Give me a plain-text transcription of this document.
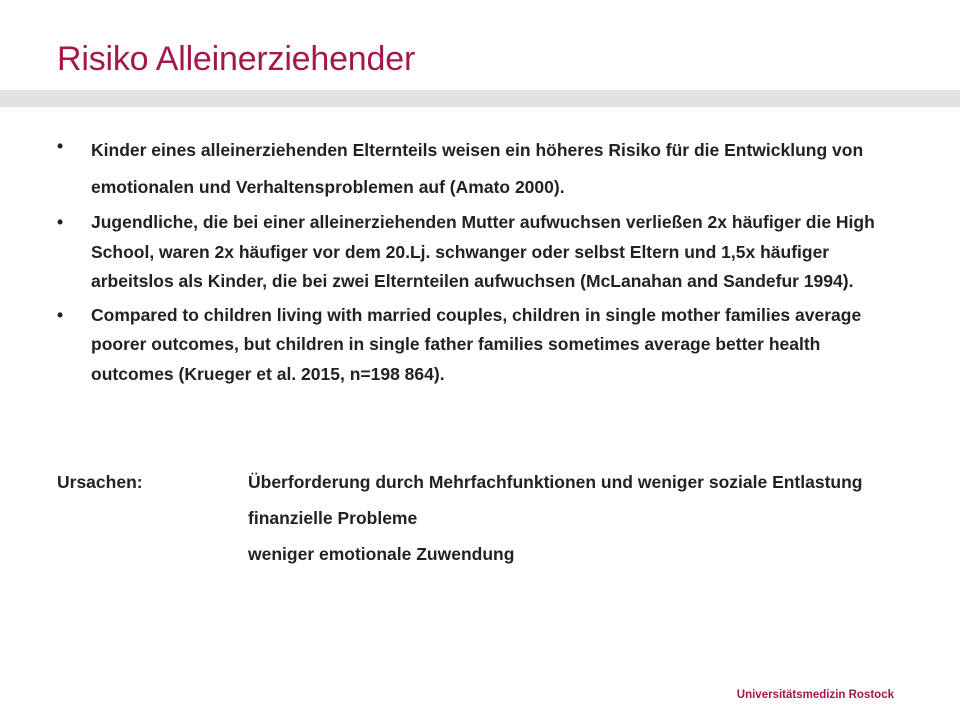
Risiko Alleinerziehender
• Kinder eines alleinerziehenden Elternteils weisen ein höheres Risiko für die Entwicklung von emotionalen und Verhaltensproblemen auf (Amato 2000).
• Jugendliche, die bei einer alleinerziehenden Mutter aufwuchsen verließen 2x häufiger die High School, waren 2x häufiger vor dem 20.Lj. schwanger oder selbst Eltern und 1,5x häufiger arbeitslos als Kinder, die bei zwei Elternteilen aufwuchsen (McLanahan and Sandefur 1994).
• Compared to children living with married couples, children in single mother families average poorer outcomes, but children in single father families sometimes average better health outcomes (Krueger et al. 2015, n=198 864).
Ursachen:	Überforderung durch Mehrfachfunktionen und weniger soziale Entlastung
finanzielle Probleme
weniger emotionale Zuwendung
Universitätsmedizin Rostock
